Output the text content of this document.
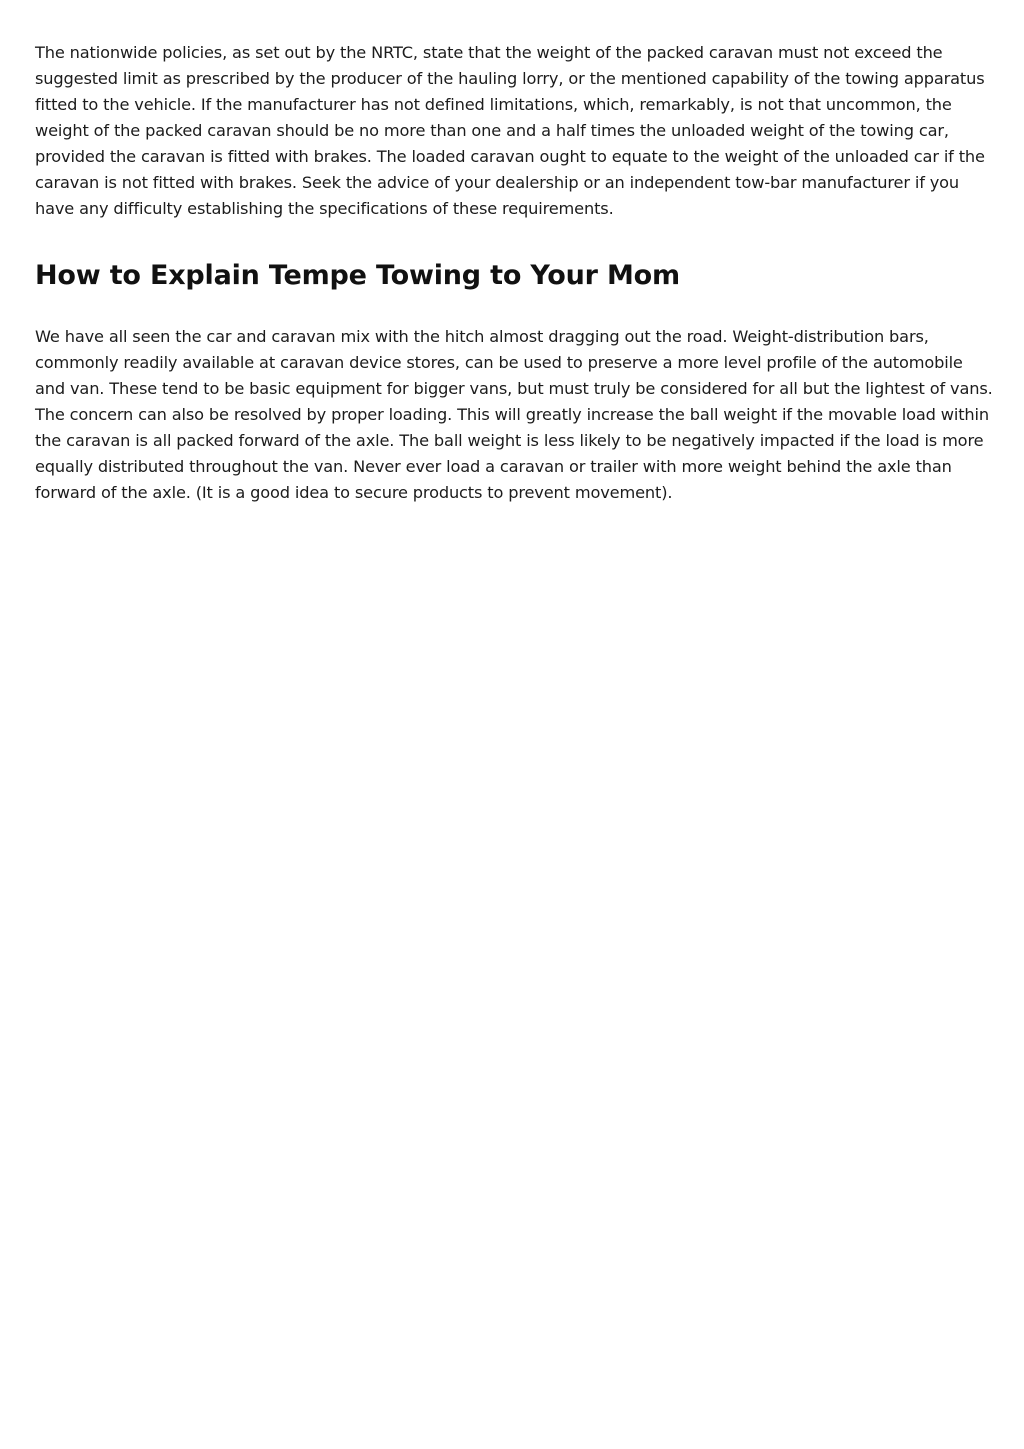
The nationwide policies, as set out by the NRTC, state that the weight of the packed caravan must not exceed the suggested limit as prescribed by the producer of the hauling lorry, or the mentioned capability of the towing apparatus fitted to the vehicle. If the manufacturer has not defined limitations, which, remarkably, is not that uncommon, the weight of the packed caravan should be no more than one and a half times the unloaded weight of the towing car, provided the caravan is fitted with brakes. The loaded caravan ought to equate to the weight of the unloaded car if the caravan is not fitted with brakes. Seek the advice of your dealership or an independent tow-bar manufacturer if you have any difficulty establishing the specifications of these requirements.

How to Explain Tempe Towing to Your Mom

We have all seen the car and caravan mix with the hitch almost dragging out the road. Weight-distribution bars, commonly readily available at caravan device stores, can be used to preserve a more level profile of the automobile and van. These tend to be basic equipment for bigger vans, but must truly be considered for all but the lightest of vans. The concern can also be resolved by proper loading. This will greatly increase the ball weight if the movable load within the caravan is all packed forward of the axle. The ball weight is less likely to be negatively impacted if the load is more equally distributed throughout the van. Never ever load a caravan or trailer with more weight behind the axle than forward of the axle. (It is a good idea to secure products to prevent movement).
